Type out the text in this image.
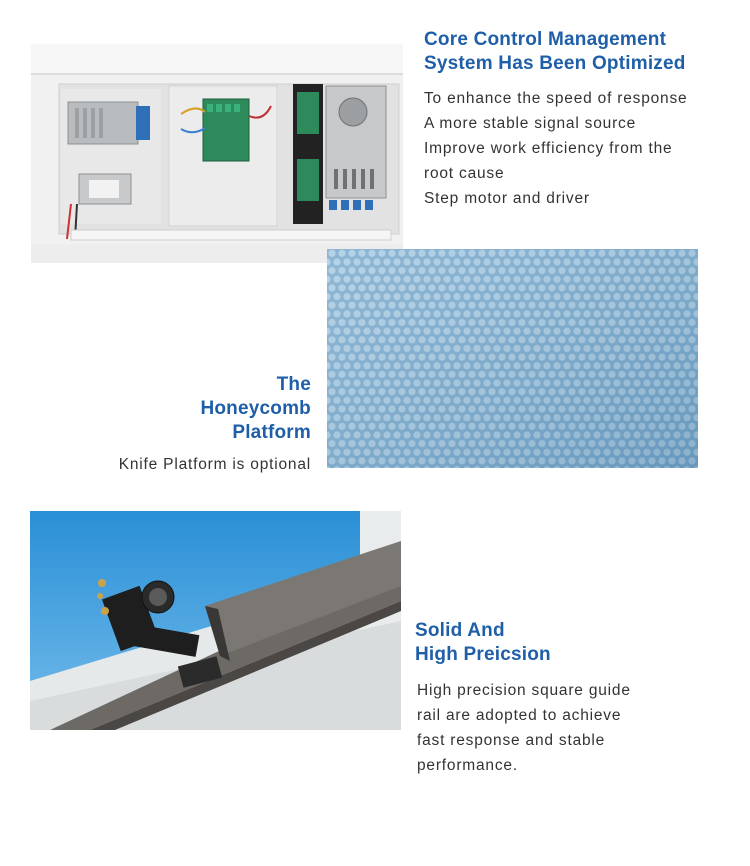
Core Control Management
System Has Been Optimized
To enhance the speed of response
A more stable signal source
Improve work efficiency from the
root cause
Step motor and driver
The
Honeycomb
Platform
Knife Platform is optional
Solid And
High Preicsion
High precision square guide
rail are adopted to achieve
fast response and stable
performance.
